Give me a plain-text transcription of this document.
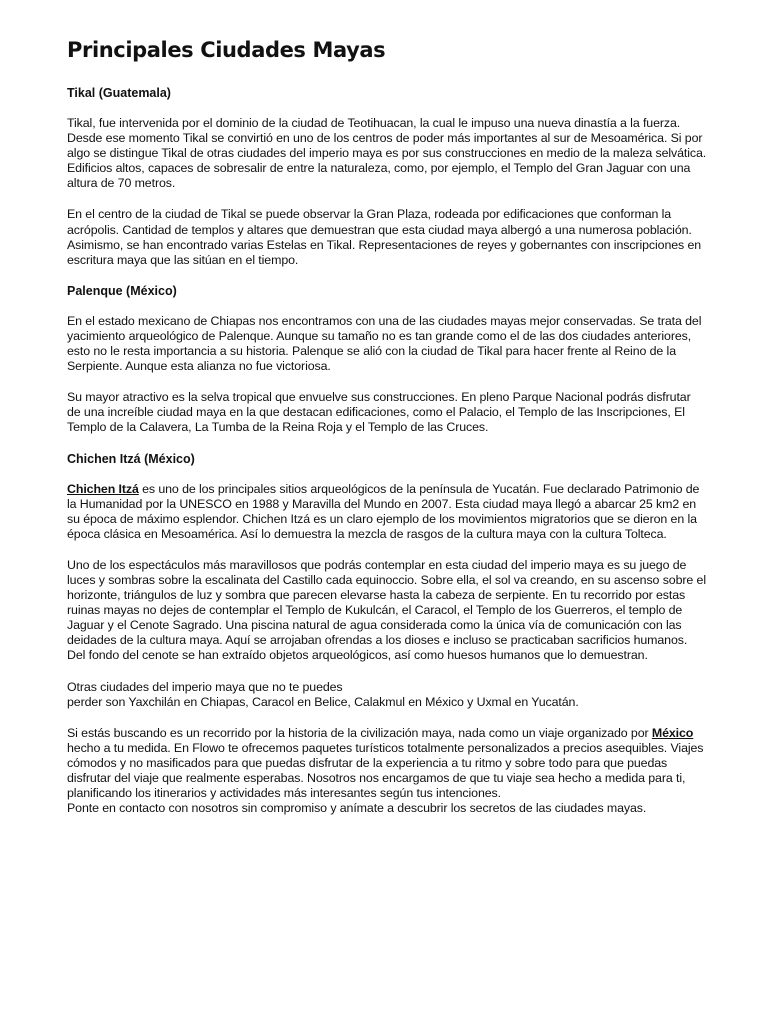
Principales Ciudades Mayas
Tikal (Guatemala)

Tikal, fue intervenida por el dominio de la ciudad de Teotihuacan, la cual le impuso una nueva dinastía a la fuerza. Desde ese momento Tikal se convirtió en uno de los centros de poder más importantes al sur de Mesoamérica. Si por algo se distingue Tikal de otras ciudades del imperio maya es por sus construcciones en medio de la maleza selvática. Edificios altos, capaces de sobresalir de entre la naturaleza, como, por ejemplo, el Templo del Gran Jaguar con una altura de 70 metros.

En el centro de la ciudad de Tikal se puede observar la Gran Plaza, rodeada por edificaciones que conforman la acrópolis. Cantidad de templos y altares que demuestran que esta ciudad maya albergó a una numerosa población. Asimismo, se han encontrado varias Estelas en Tikal. Representaciones de reyes y gobernantes con inscripciones en escritura maya que las sitúan en el tiempo.

Palenque (México)

En el estado mexicano de Chiapas nos encontramos con una de las ciudades mayas mejor conservadas. Se trata del yacimiento arqueológico de Palenque. Aunque su tamaño no es tan grande como el de las dos ciudades anteriores, esto no le resta importancia a su historia. Palenque se alió con la ciudad de Tikal para hacer frente al Reino de la Serpiente. Aunque esta alianza no fue victoriosa.

Su mayor atractivo es la selva tropical que envuelve sus construcciones. En pleno Parque Nacional podrás disfrutar de una increíble ciudad maya en la que destacan edificaciones, como el Palacio, el Templo de las Inscripciones, El Templo de la Calavera, La Tumba de la Reina Roja y el Templo de las Cruces.

Chichen Itzá (México)

Chichen Itzá es uno de los principales sitios arqueológicos de la península de Yucatán. Fue declarado Patrimonio de la Humanidad por la UNESCO en 1988 y Maravilla del Mundo en 2007. Esta ciudad maya llegó a abarcar 25 km2 en su época de máximo esplendor. Chichen Itzá es un claro ejemplo de los movimientos migratorios que se dieron en la época clásica en Mesoamérica. Así lo demuestra la mezcla de rasgos de la cultura maya con la cultura Tolteca.

Uno de los espectáculos más maravillosos que podrás contemplar en esta ciudad del imperio maya es su juego de luces y sombras sobre la escalinata del Castillo cada equinoccio. Sobre ella, el sol va creando, en su ascenso sobre el horizonte, triángulos de luz y sombra que parecen elevarse hasta la cabeza de serpiente. En tu recorrido por estas ruinas mayas no dejes de contemplar el Templo de Kukulcán, el Caracol, el Templo de los Guerreros, el templo de Jaguar y el Cenote Sagrado. Una piscina natural de agua considerada como la única vía de comunicación con las deidades de la cultura maya. Aquí se arrojaban ofrendas a los dioses e incluso se practicaban sacrificios humanos. Del fondo del cenote se han extraído objetos arqueológicos, así como huesos humanos que lo demuestran.

Otras ciudades del imperio maya que no te puedes
perder son Yaxchilán en Chiapas, Caracol en Belice, Calakmul en México y Uxmal en Yucatán.

Si estás buscando es un recorrido por la historia de la civilización maya, nada como un viaje organizado por México hecho a tu medida. En Flowo te ofrecemos paquetes turísticos totalmente personalizados a precios asequibles. Viajes cómodos y no masificados para que puedas disfrutar de la experiencia a tu ritmo y sobre todo para que puedas disfrutar del viaje que realmente esperabas. Nosotros nos encargamos de que tu viaje sea hecho a medida para ti, planificando los itinerarios y actividades más interesantes según tus intenciones.
Ponte en contacto con nosotros sin compromiso y anímate a descubrir los secretos de las ciudades mayas.
